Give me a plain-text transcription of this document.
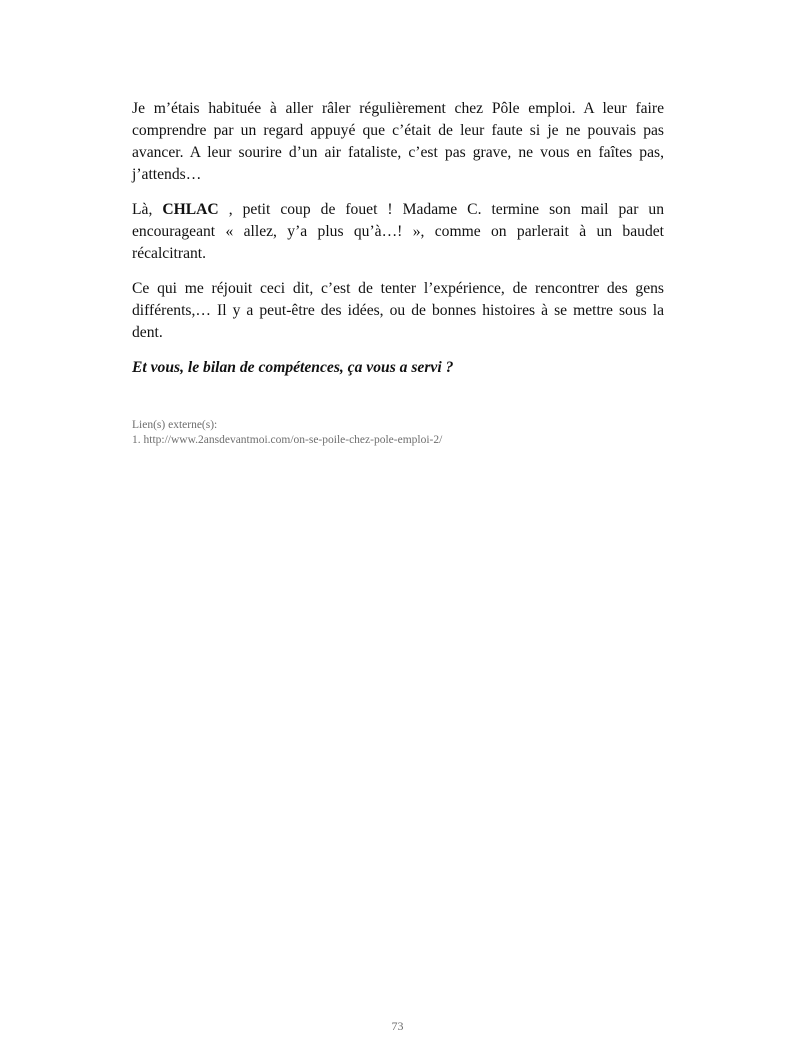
Je m’étais habituée à aller râler régulièrement chez Pôle emploi. A leur faire comprendre par un regard appuyé que c’était de leur faute si je ne pouvais pas avancer. A leur sourire d’un air fataliste, c’est pas grave, ne vous en faîtes pas, j’attends…

Là, CHLAC , petit coup de fouet ! Madame C. termine son mail par un encourageant « allez, y’a plus qu’à…! », comme on parlerait à un baudet récalcitrant.

Ce qui me réjouit ceci dit, c’est de tenter l’expérience, de rencontrer des gens différents,… Il y a peut-être des idées, ou de bonnes histoires à se mettre sous la dent.

Et vous, le bilan de compétences, ça vous a servi ?

Lien(s) externe(s):
1. http://www.2ansdevantmoi.com/on-se-poile-chez-pole-emploi-2/
73
